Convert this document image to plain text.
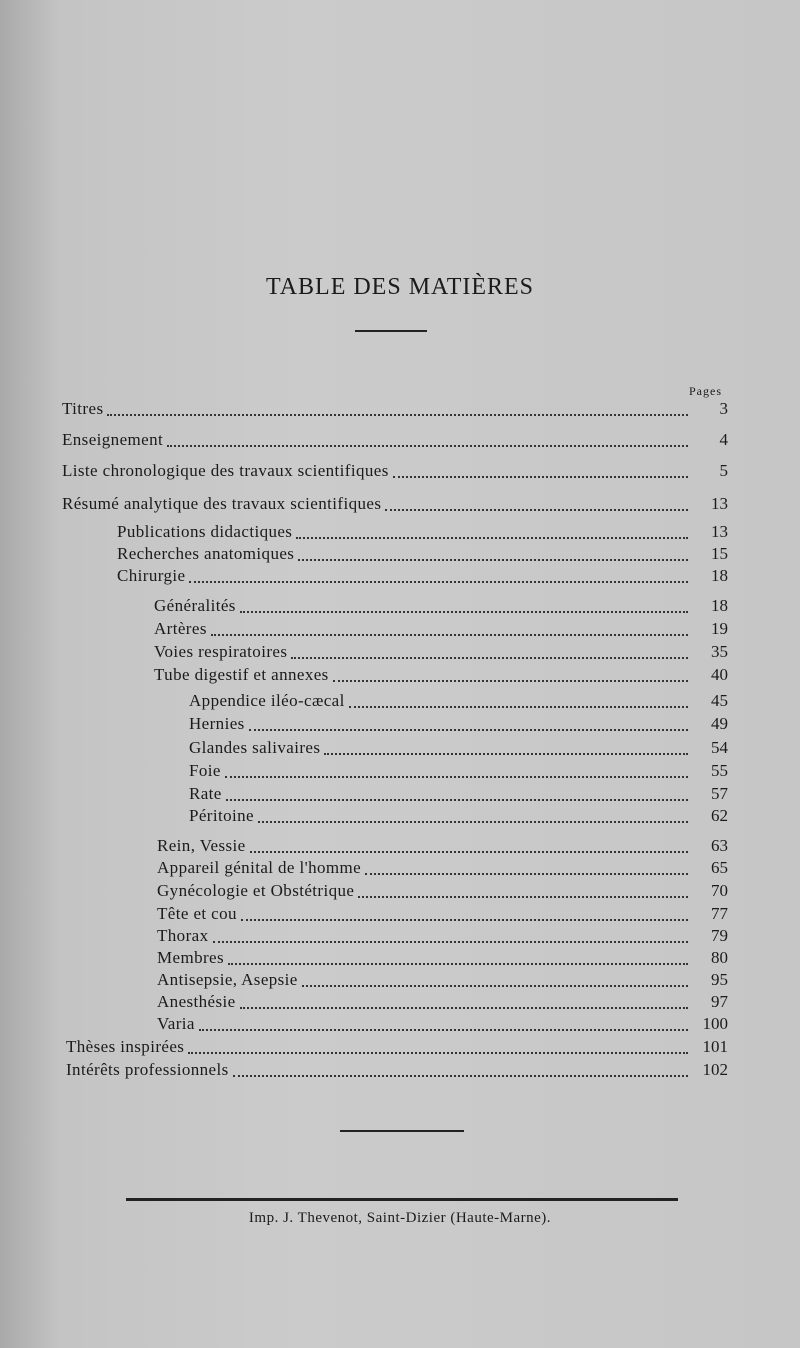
TABLE DES MATIÈRES
Pages
Titres	3
Enseignement	4
Liste chronologique des travaux scientifiques	5
Résumé analytique des travaux scientifiques	13
Publications didactiques	13
Recherches anatomiques	15
Chirurgie	18
Généralités	18
Artères	19
Voies respiratoires	35
Tube digestif et annexes	40
Appendice iléo-cæcal	45
Hernies	49
Glandes salivaires	54
Foie	55
Rate	57
Péritoine	62
Rein, Vessie	63
Appareil génital de l'homme	65
Gynécologie et Obstétrique	70
Tête et cou	77
Thorax	79
Membres	80
Antisepsie, Asepsie	95
Anesthésie	97
Varia	100
Thèses inspirées	101
Intérêts professionnels	102
Imp. J. Thevenot, Saint-Dizier (Haute-Marne).
